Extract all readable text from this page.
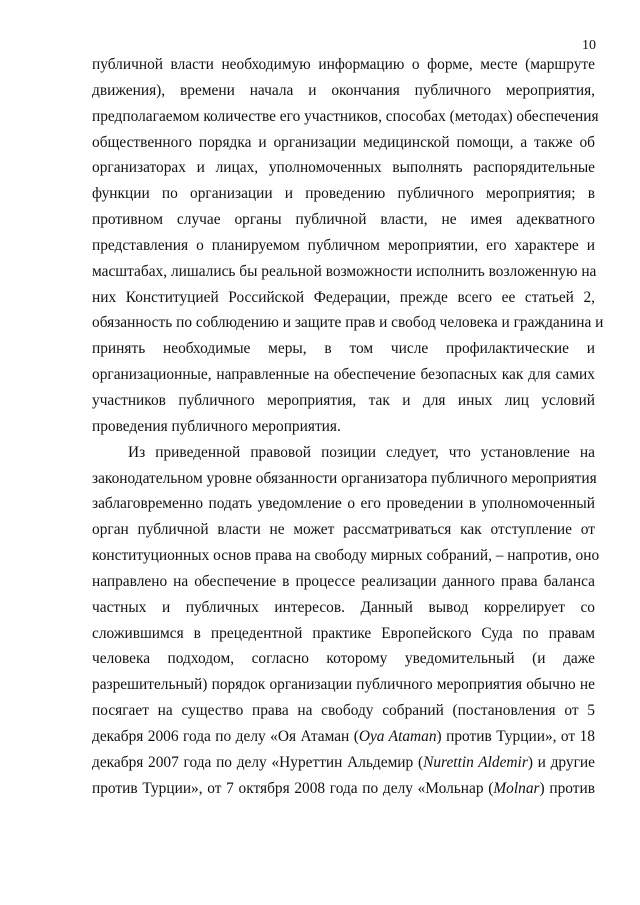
10
публичной власти необходимую информацию о форме, месте (маршруте
движения), времени начала и окончания публичного мероприятия,
предполагаемом количестве его участников, способах (методах) обеспечения
общественного порядка и организации медицинской помощи, а также об
организаторах и лицах, уполномоченных выполнять распорядительные
функции по организации и проведению публичного мероприятия; в
противном случае органы публичной власти, не имея адекватного
представления о планируемом публичном мероприятии, его характере и
масштабах, лишались бы реальной возможности исполнить возложенную на
них Конституцией Российской Федерации, прежде всего ее статьей 2,
обязанность по соблюдению и защите прав и свобод человека и гражданина и
принять необходимые меры, в том числе профилактические и
организационные, направленные на обеспечение безопасных как для самих
участников публичного мероприятия, так и для иных лиц условий
проведения публичного мероприятия.
Из приведенной правовой позиции следует, что установление на
законодательном уровне обязанности организатора публичного мероприятия
заблаговременно подать уведомление о его проведении в уполномоченный
орган публичной власти не может рассматриваться как отступление от
конституционных основ права на свободу мирных собраний, – напротив, оно
направлено на обеспечение в процессе реализации данного права баланса
частных и публичных интересов. Данный вывод коррелирует со
сложившимся в прецедентной практике Европейского Суда по правам
человека подходом, согласно которому уведомительный (и даже
разрешительный) порядок организации публичного мероприятия обычно не
посягает на существо права на свободу собраний (постановления от 5
декабря 2006 года по делу «Оя Атаман (Oya Ataman) против Турции», от 18
декабря 2007 года по делу «Нуреттин Альдемир (Nurettin Aldemir) и другие
против Турции», от 7 октября 2008 года по делу «Мольнар (Molnar) против
